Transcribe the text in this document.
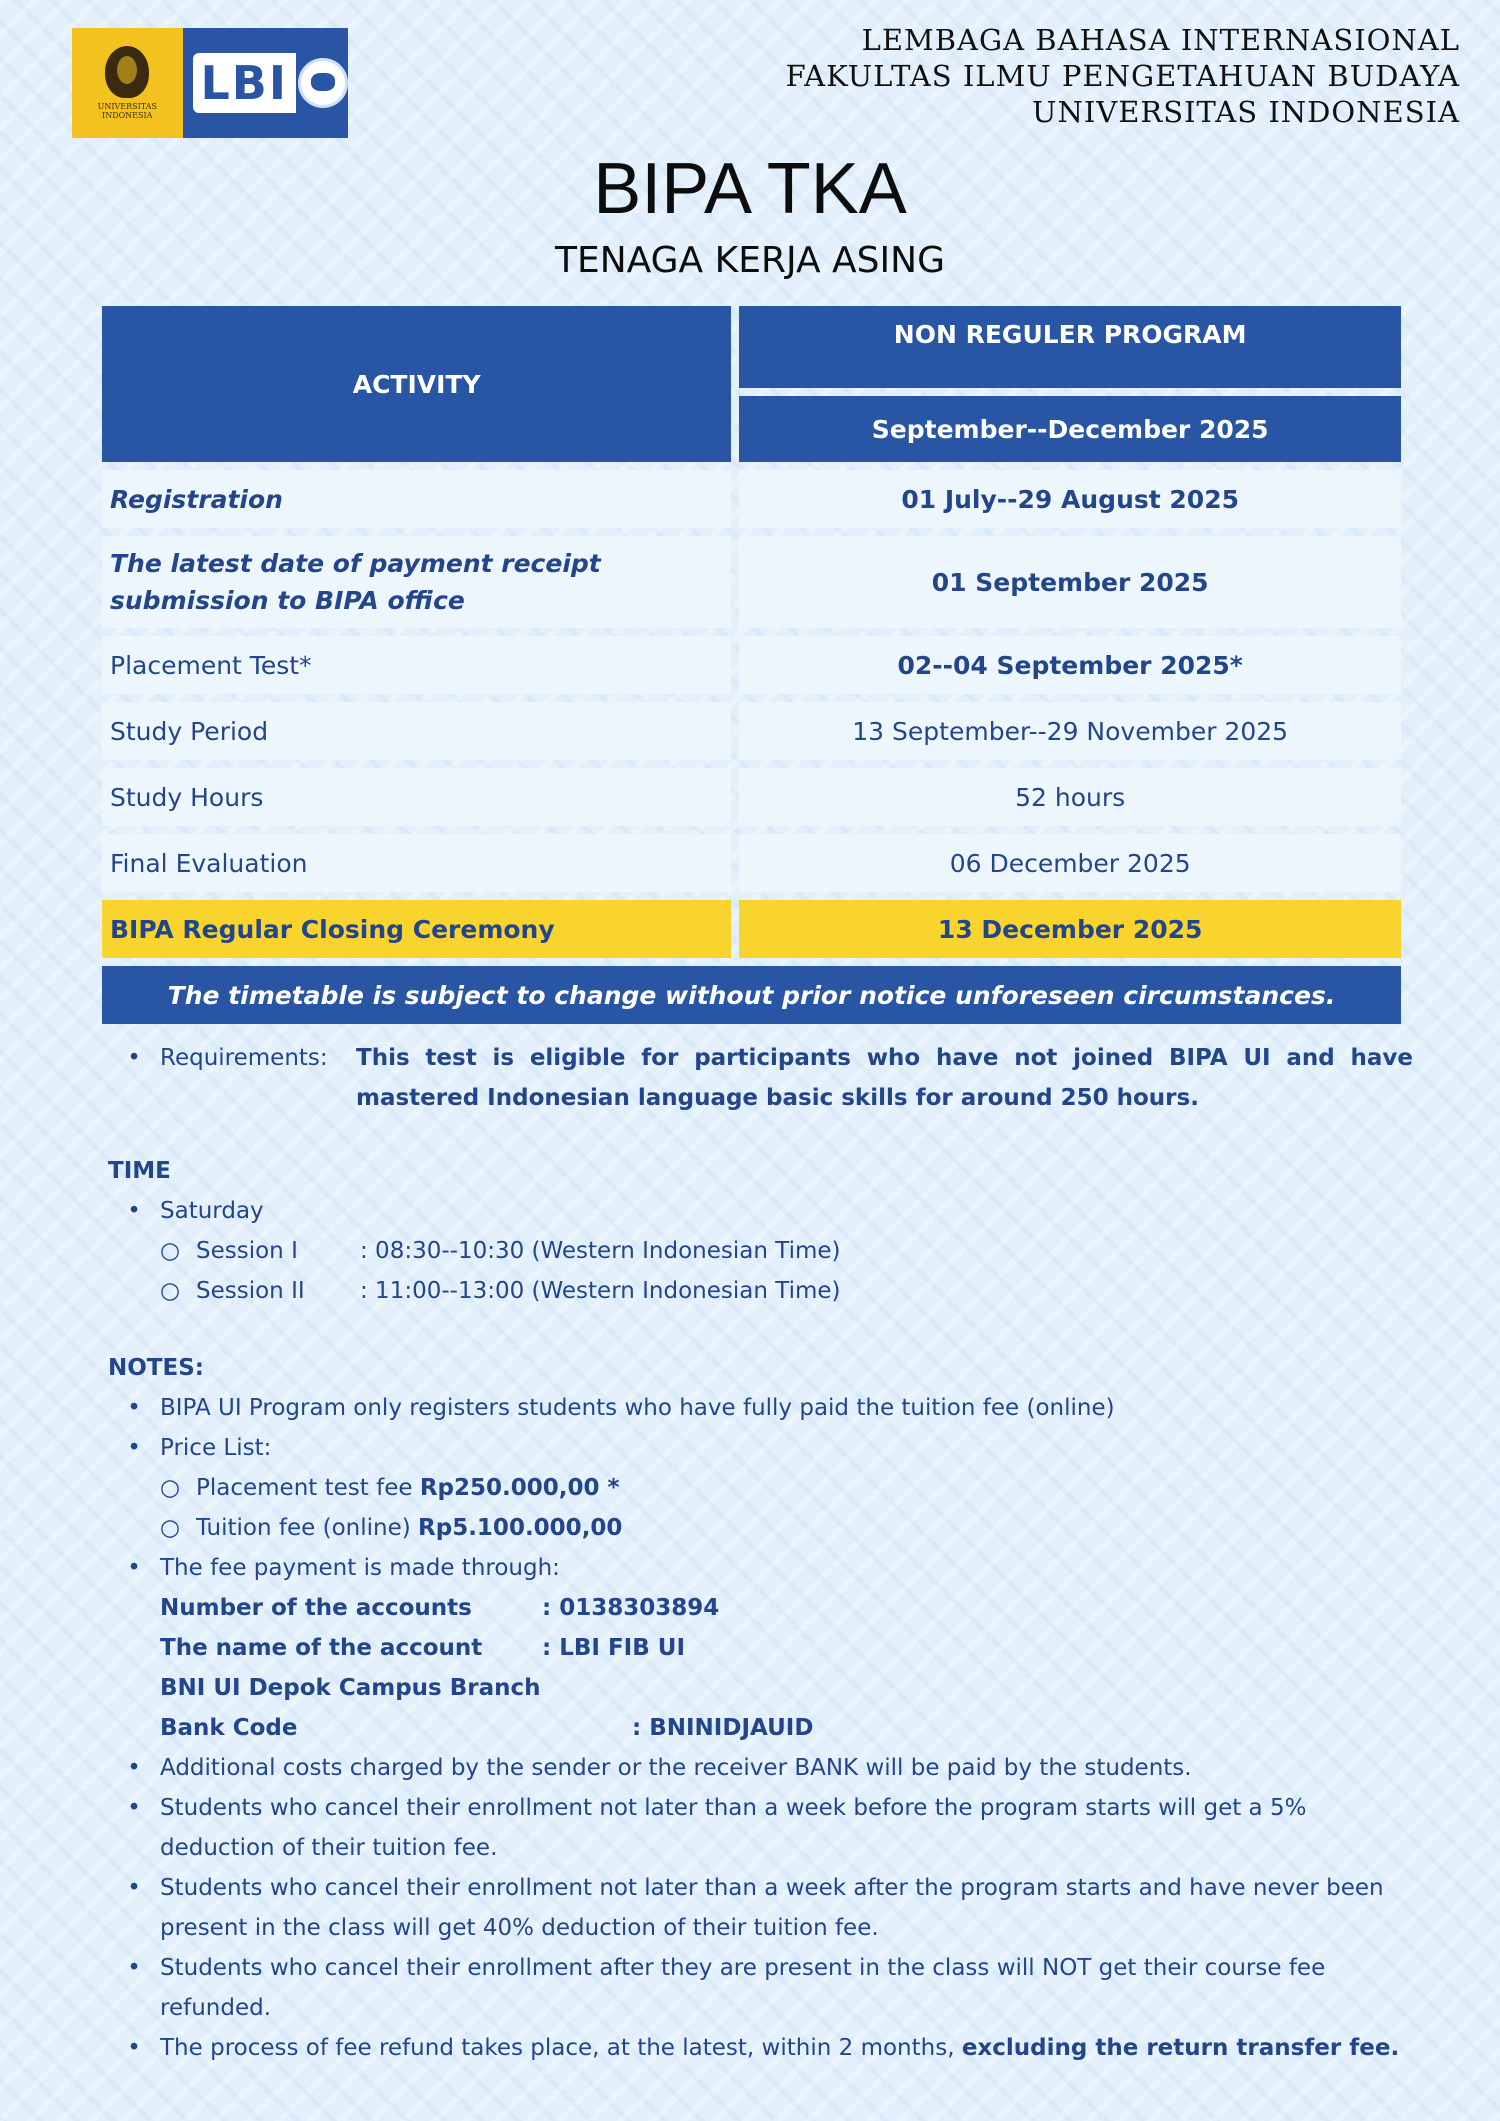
UNIVERSITAS INDONESIA
LBI
LEMBAGA BAHASA INTERNASIONAL
FAKULTAS ILMU PENGETAHUAN BUDAYA
UNIVERSITAS INDONESIA
BIPA TKA
TENAGA KERJA ASING
ACTIVITY	NON REGULER PROGRAM
	September--December 2025
Registration	01 July--29 August 2025
The latest date of payment receipt submission to BIPA office	01 September 2025
Placement Test*	02--04 September 2025*
Study Period	13 September--29 November 2025
Study Hours	52 hours
Final Evaluation	06 December 2025
BIPA Regular Closing Ceremony	13 December 2025
The timetable is subject to change without prior notice unforeseen circumstances.	
• Requirements:	This test is eligible for participants who have not joined BIPA UI and have mastered Indonesian language basic skills for around 250 hours.
TIME
• Saturday
○ Session I	: 08:30--10:30 (Western Indonesian Time)
○ Session II	: 11:00--13:00 (Western Indonesian Time)
NOTES:
• BIPA UI Program only registers students who have fully paid the tuition fee (online)
• Price List:
○ Placement test fee Rp250.000,00 *
○ Tuition fee (online) Rp5.100.000,00
• The fee payment is made through:
Number of the accounts	: 0138303894
The name of the account	: LBI FIB UI
BNI UI Depok Campus Branch
Bank Code	: BNINIDJAUID
• Additional costs charged by the sender or the receiver BANK will be paid by the students.
• Students who cancel their enrollment not later than a week before the program starts will get a 5% deduction of their tuition fee.
• Students who cancel their enrollment not later than a week after the program starts and have never been present in the class will get 40% deduction of their tuition fee.
• Students who cancel their enrollment after they are present in the class will NOT get their course fee refunded.
• The process of fee refund takes place, at the latest, within 2 months, excluding the return transfer fee.
